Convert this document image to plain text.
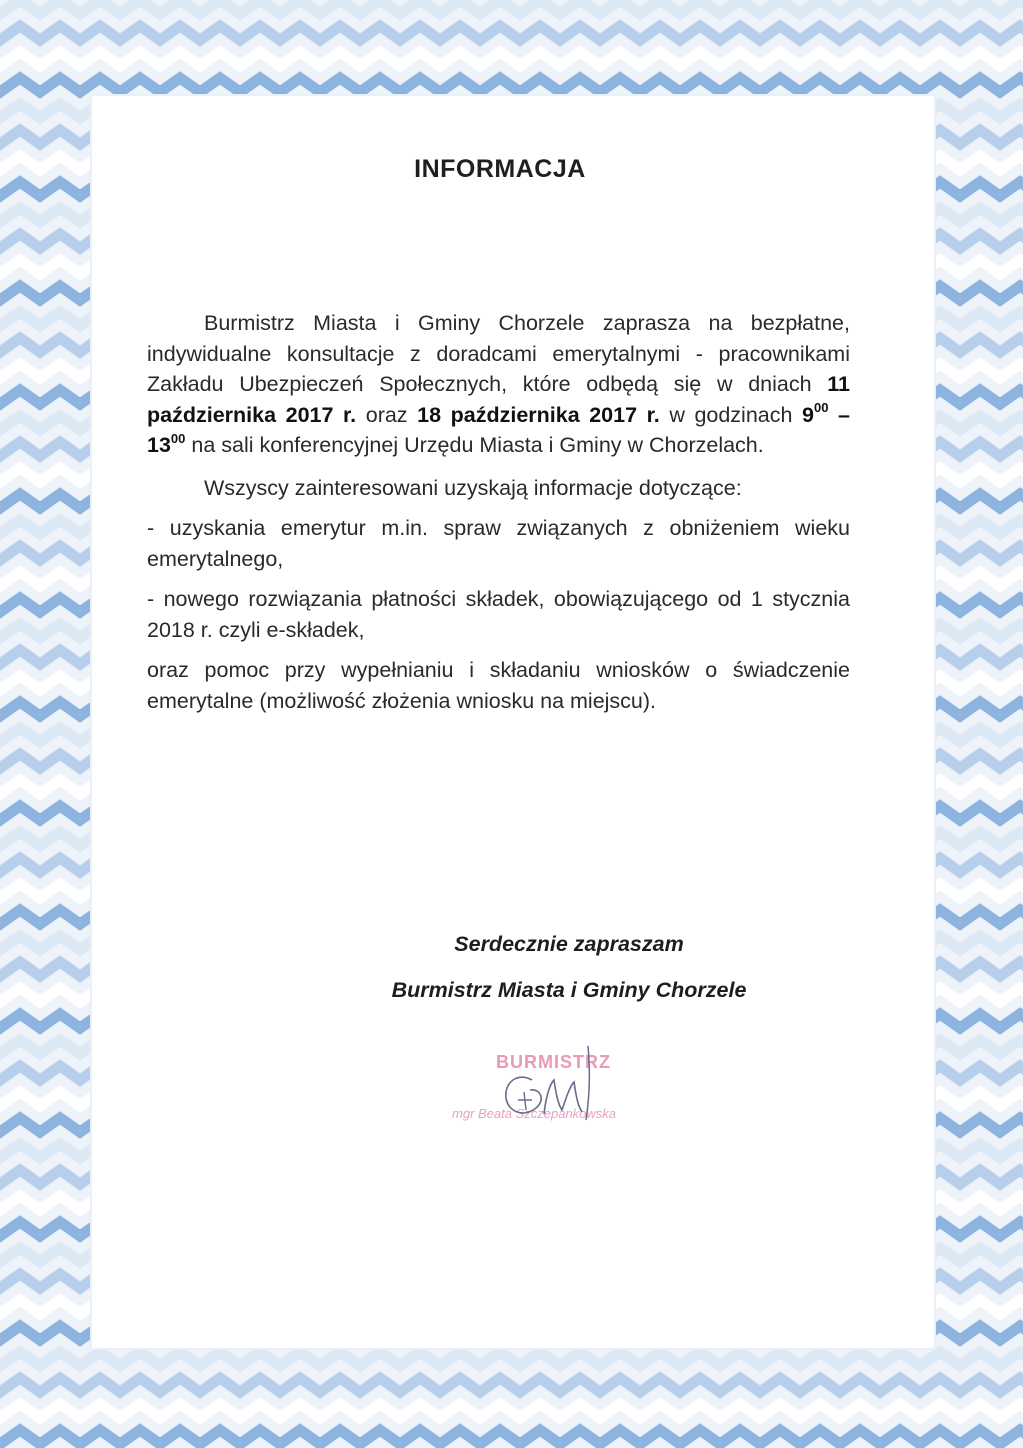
INFORMACJA

Burmistrz Miasta i Gminy Chorzele zaprasza na bezpłatne, indywidualne konsultacje z doradcami emerytalnymi - pracownikami Zakładu Ubezpieczeń Społecznych, które odbędą się w dniach 11 października 2017 r. oraz 18 października 2017 r. w godzinach $9^{00} - 13^{00}$ na sali konferencyjnej Urzędu Miasta i Gminy w Chorzelach.

Wszyscy zainteresowani uzyskają informacje dotyczące:

- uzyskania emerytur m.in. spraw związanych z obniżeniem wieku emerytalnego,

- nowego rozwiązania płatności składek, obowiązującego od 1 stycznia 2018 r. czyli e-składek,

oraz pomoc przy wypełnianiu i składaniu wniosków o świadczenie emerytalne (możliwość złożenia wniosku na miejscu).

Serdecznie zapraszam
Burmistrz Miasta i Gminy Chorzele
BURMISTRZ
mgr Beata Szczepankowska
